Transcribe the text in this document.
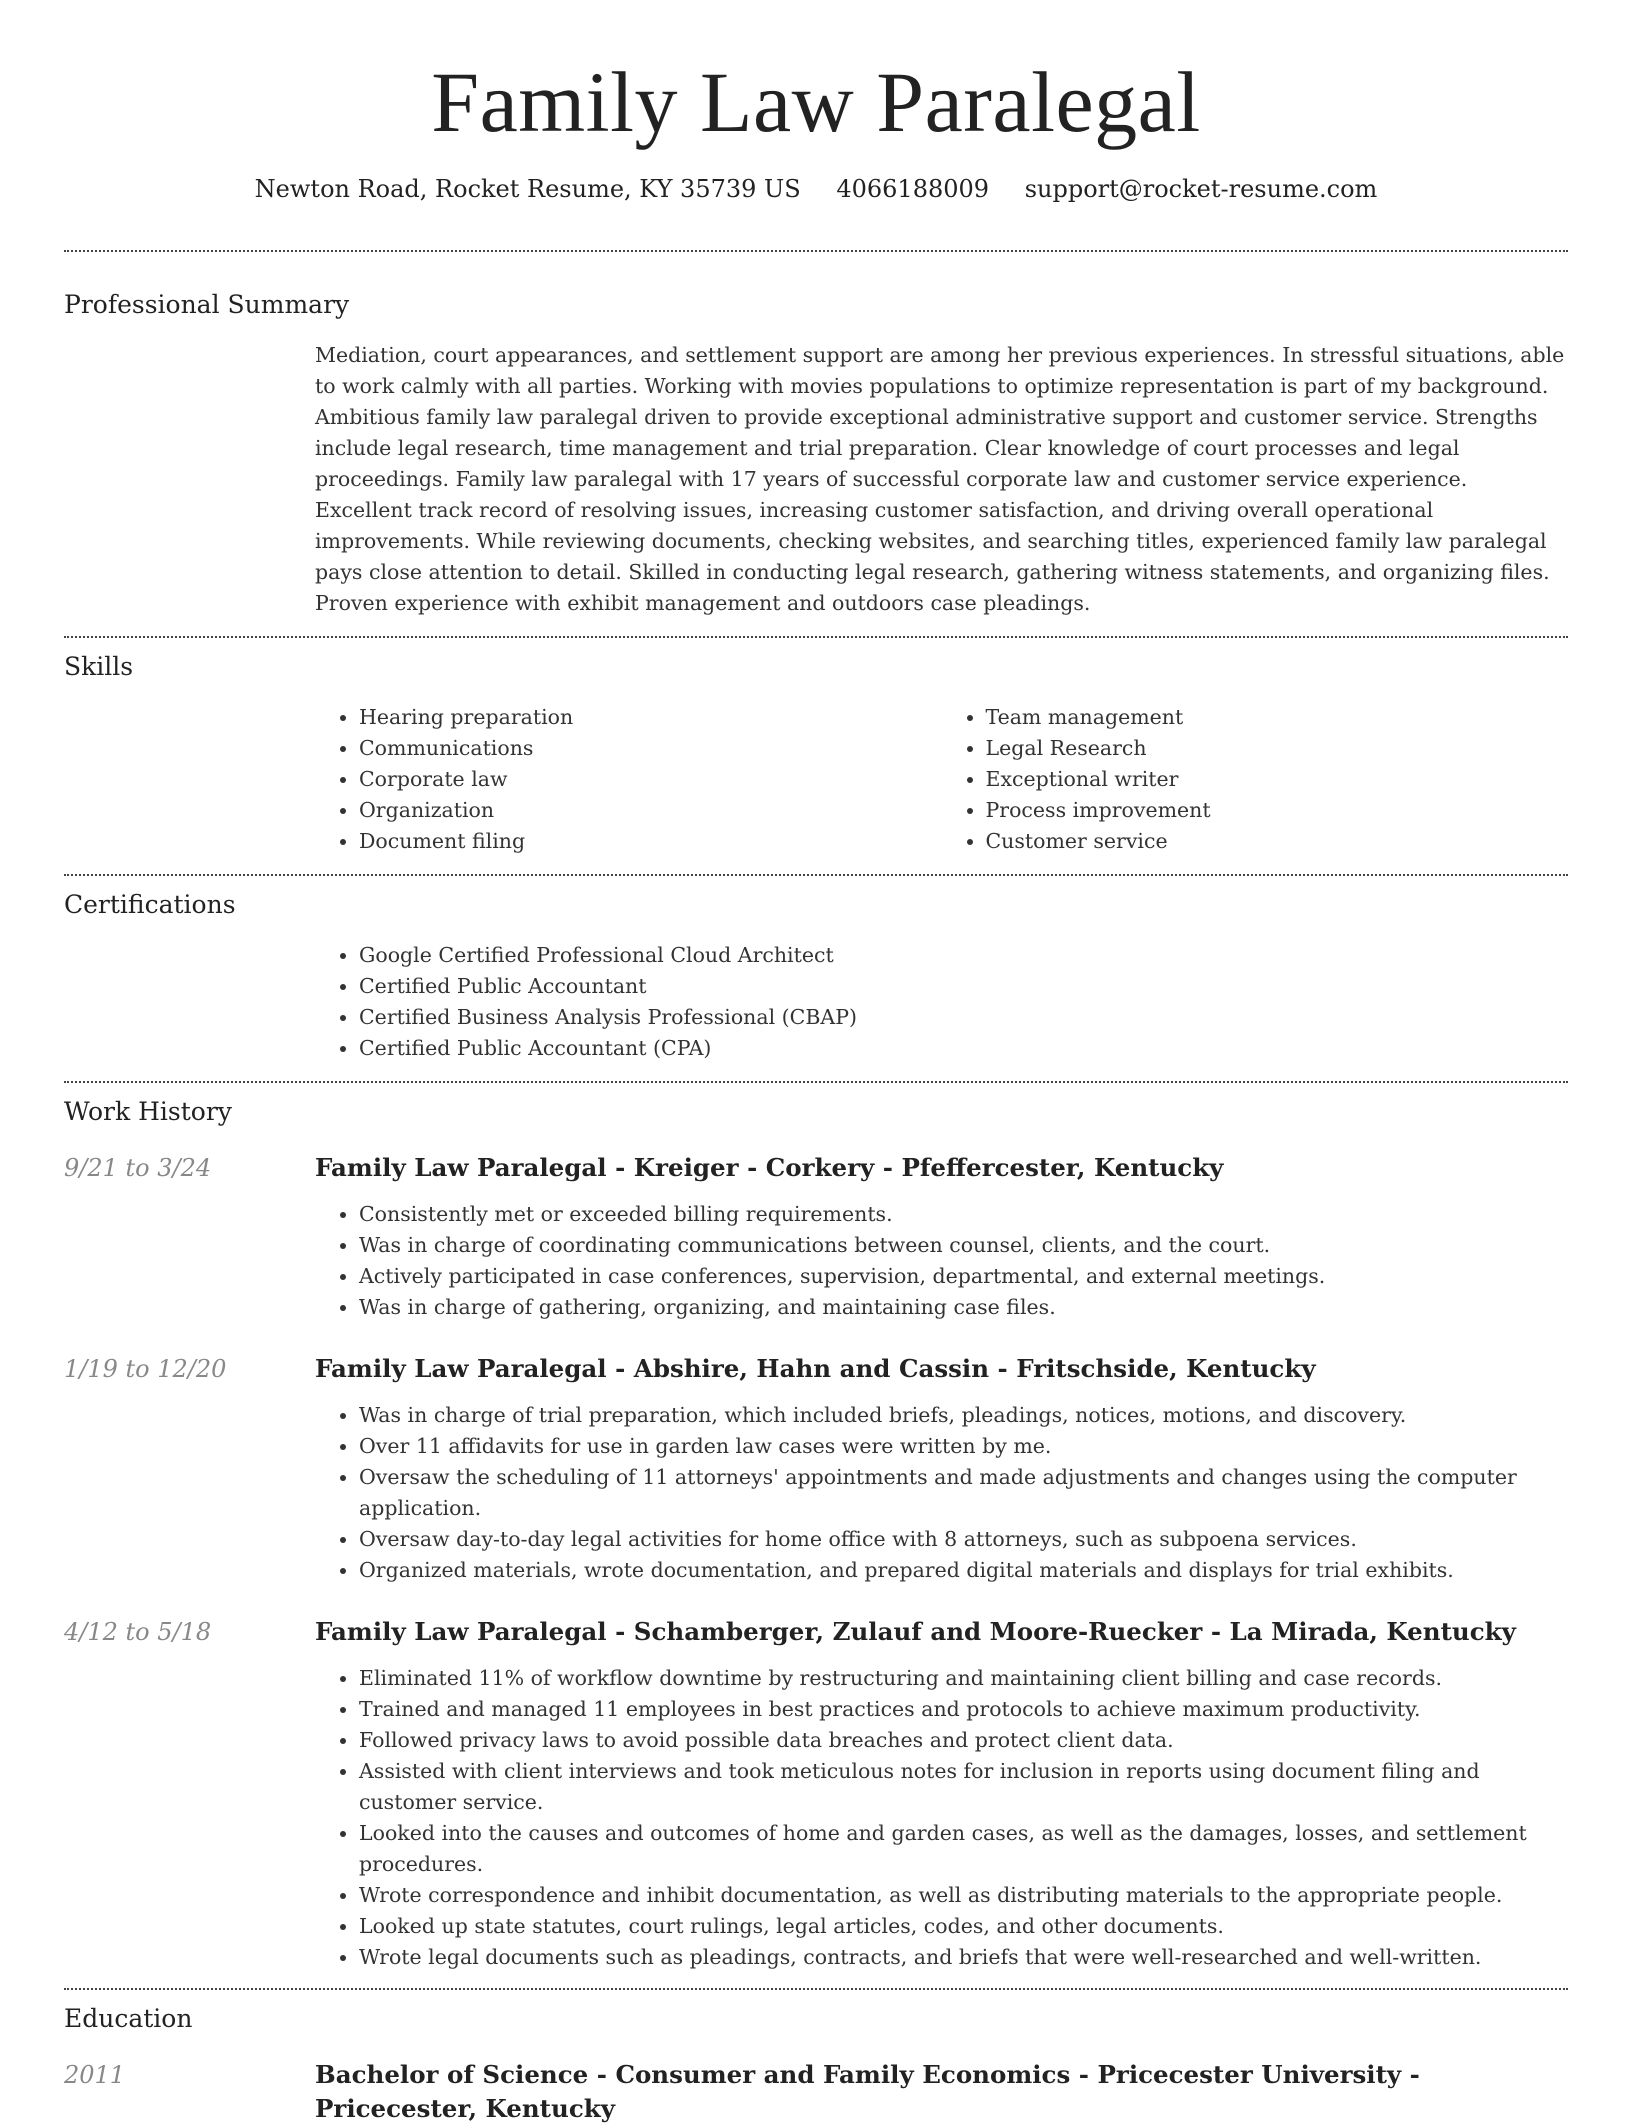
Family Law Paralegal
Newton Road, Rocket Resume, KY 35739 US 4066188009 support@rocket-resume.com
Professional Summary

Mediation, court appearances, and settlement support are among her previous experiences. In stressful situations, able to work calmly with all parties. Working with movies populations to optimize representation is part of my background. Ambitious family law paralegal driven to provide exceptional administrative support and customer service. Strengths include legal research, time management and trial preparation. Clear knowledge of court processes and legal proceedings. Family law paralegal with 17 years of successful corporate law and customer service experience. Excellent track record of resolving issues, increasing customer satisfaction, and driving overall operational improvements. While reviewing documents, checking websites, and searching titles, experienced family law paralegal pays close attention to detail. Skilled in conducting legal research, gathering witness statements, and organizing files. Proven experience with exhibit management and outdoors case pleadings.

Skills
• Hearing preparation
• Communications
• Corporate law
• Organization
• Document filing
• Team management
• Legal Research
• Exceptional writer
• Process improvement
• Customer service
Certifications
• Google Certified Professional Cloud Architect
• Certified Public Accountant
• Certified Business Analysis Professional (CBAP)
• Certified Public Accountant (CPA)
Work History
9/21 to 3/24	Family Law Paralegal - Kreiger - Corkery - Pfeffercester, Kentucky
• Consistently met or exceeded billing requirements.
• Was in charge of coordinating communications between counsel, clients, and the court.
• Actively participated in case conferences, supervision, departmental, and external meetings.
• Was in charge of gathering, organizing, and maintaining case files.
1/19 to 12/20	Family Law Paralegal - Abshire, Hahn and Cassin - Fritschside, Kentucky
• Was in charge of trial preparation, which included briefs, pleadings, notices, motions, and discovery.
• Over 11 affidavits for use in garden law cases were written by me.
• Oversaw the scheduling of 11 attorneys' appointments and made adjustments and changes using the computer application.
• Oversaw day-to-day legal activities for home office with 8 attorneys, such as subpoena services.
• Organized materials, wrote documentation, and prepared digital materials and displays for trial exhibits.
4/12 to 5/18	Family Law Paralegal - Schamberger, Zulauf and Moore-Ruecker - La Mirada, Kentucky
• Eliminated 11% of workflow downtime by restructuring and maintaining client billing and case records.
• Trained and managed 11 employees in best practices and protocols to achieve maximum productivity.
• Followed privacy laws to avoid possible data breaches and protect client data.
• Assisted with client interviews and took meticulous notes for inclusion in reports using document filing and customer service.
• Looked into the causes and outcomes of home and garden cases, as well as the damages, losses, and settlement procedures.
• Wrote correspondence and inhibit documentation, as well as distributing materials to the appropriate people.
• Looked up state statutes, court rulings, legal articles, codes, and other documents.
• Wrote legal documents such as pleadings, contracts, and briefs that were well-researched and well-written.
Education
2011	Bachelor of Science - Consumer and Family Economics - Pricecester University - Pricecester, Kentucky
